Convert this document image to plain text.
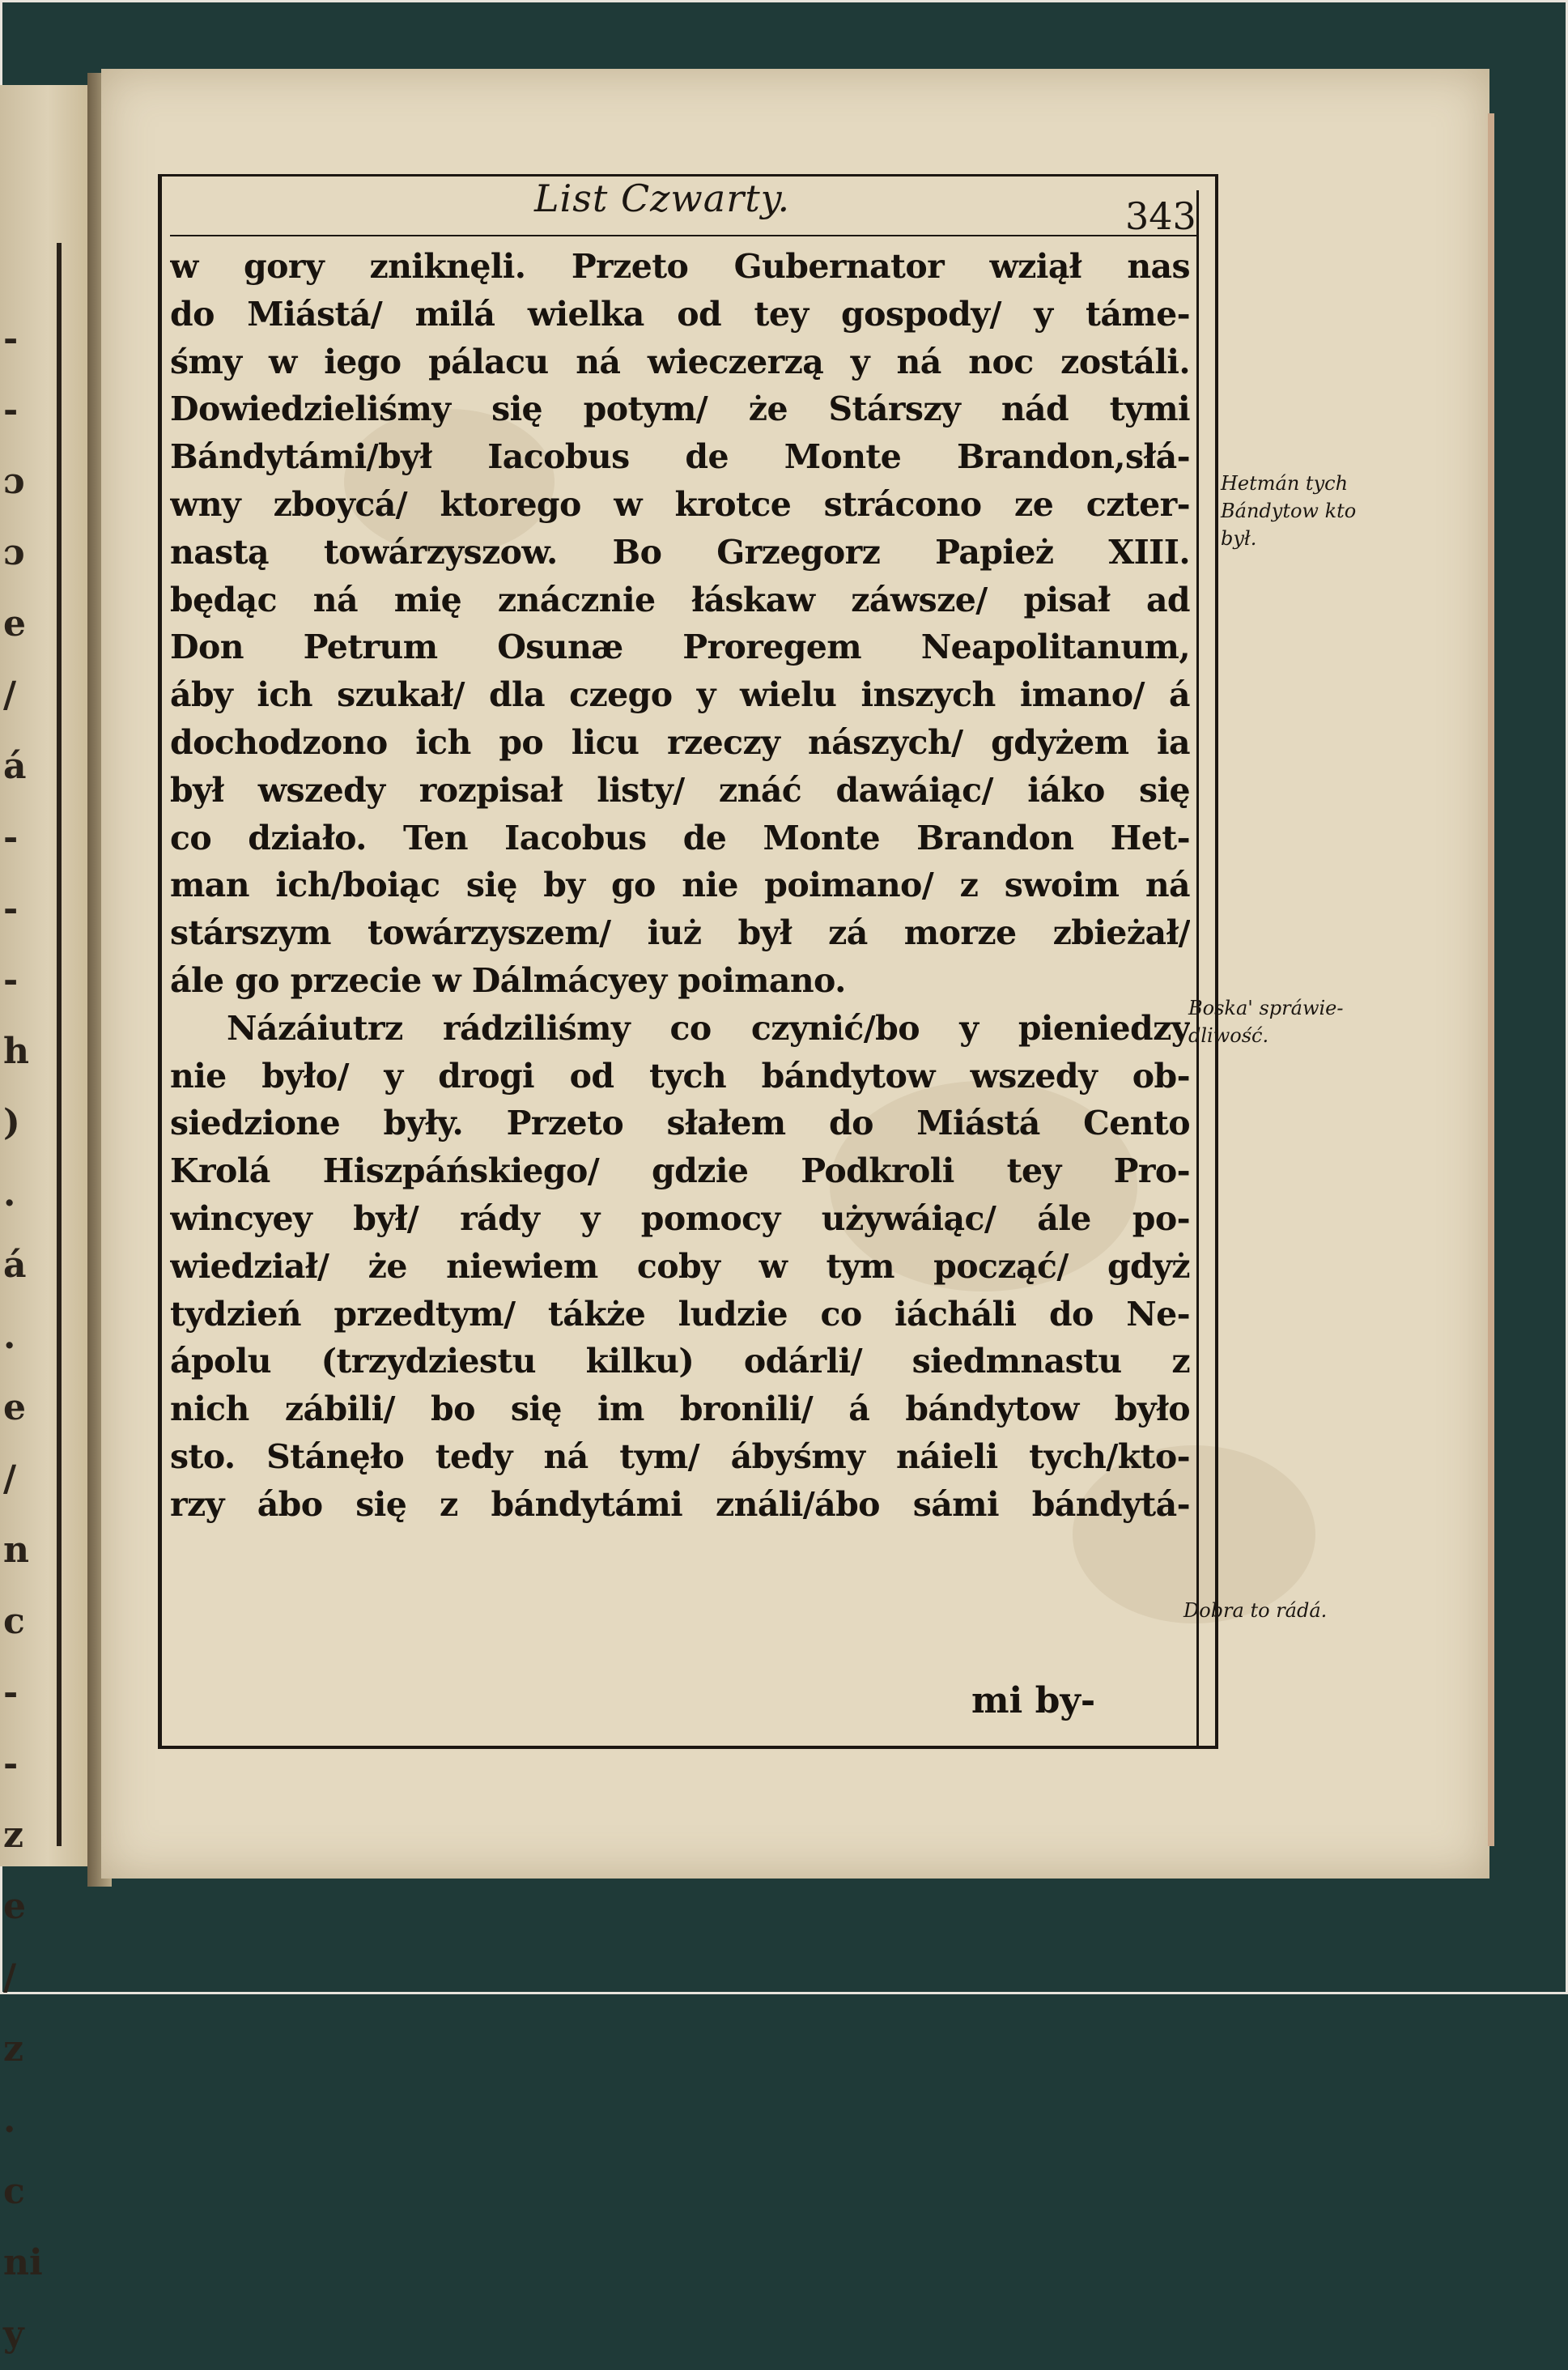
-
-
ɔ
ɔ
e
/
á
-
-
-
h
)
.
á
.
e
/
n
c
-
-
z
e
/
z
.
c
ni
y
List Czwarty.	343
w gory zniknęli. Przeto Gubernator wziął nas
do Miástá/ milá wielka od tey gospody/ y táme-
śmy w iego pálacu ná wieczerzą y ná noc zostáli.
Dowiedzieliśmy się potym/ że Stárszy nád tymi
Bándytámi/był Iacobus de Monte Brandon,słá-
wny zboycá/ ktorego w krotce strácono ze czter-
nastą towárzyszow. Bo Grzegorz Papież XIII.
będąc ná mię znácznie łáskaw záwsze/ pisał ad
Don Petrum Osunæ Proregem Neapolitanum,
áby ich szukał/ dla czego y wielu inszych imano/ á
dochodzono ich po licu rzeczy nászych/ gdyżem ia
był wszedy rozpisał listy/ znáć dawáiąc/ iáko się
co działo. Ten Iacobus de Monte Brandon Het-
man ich/boiąc się by go nie poimano/ z swoim ná
stárszym towárzyszem/ iuż był zá morze zbieżał/
ále go przecie w Dálmácyey poimano.
Názáiutrz rádziliśmy co czynić/bo y pieniedzy
nie było/ y drogi od tych bándytow wszedy ob-
siedzione były. Przeto słałem do Miástá Cento
Krolá Hiszpáńskiego/ gdzie Podkroli tey Pro-
wincyey był/ rády y pomocy używáiąc/ ále po-
wiedział/ że niewiem coby w tym począć/ gdyż
tydzień przedtym/ tákże ludzie co iácháli do Ne-
ápolu (trzydziestu kilku) odárli/ siedmnastu z
nich zábili/ bo się im bronili/ á bándytow było
sto. Stánęło tedy ná tym/ ábyśmy náieli tych/kto-
rzy ábo się z bándytámi ználi/ábo sámi bándytá-
mi by-
Hetmán tych
Bándytow kto
był.
Boska' spráwie-
dliwość.
Dobra to rádá.
